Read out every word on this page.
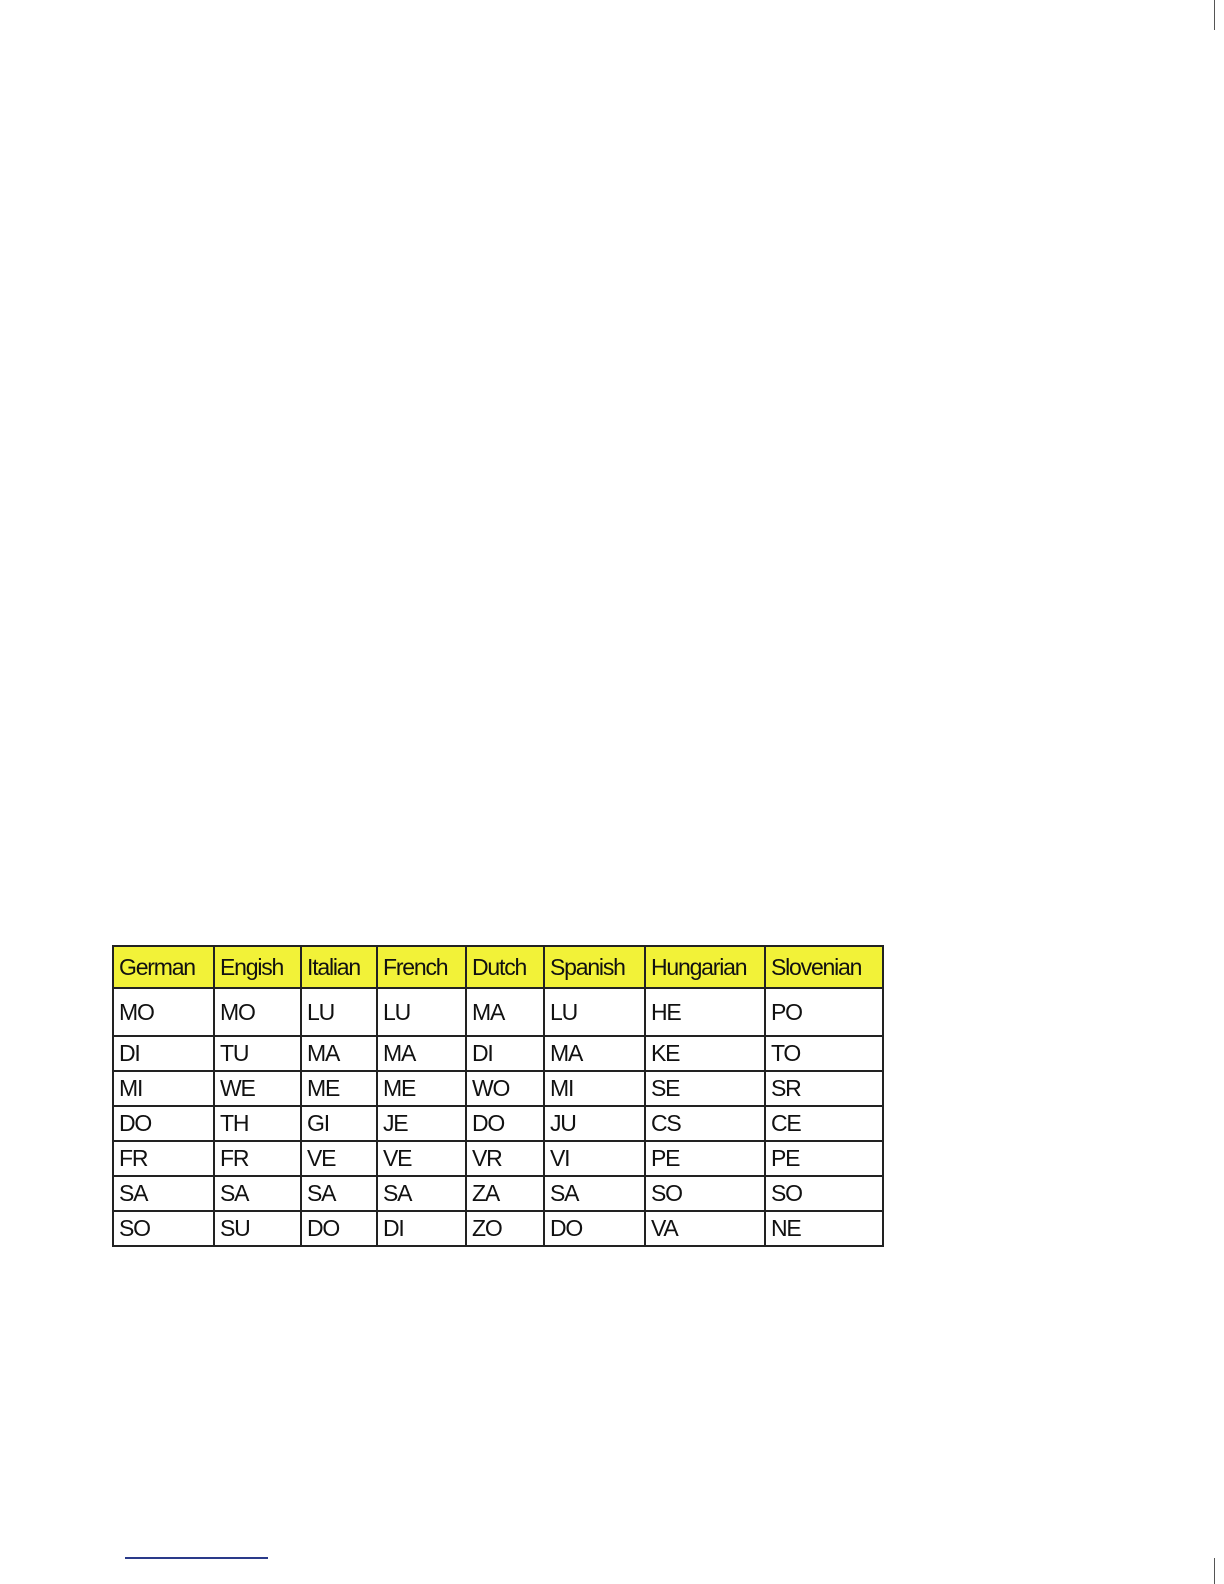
German	Engish	Italian	French	Dutch	Spanish	Hungarian	Slovenian
MO	MO	LU	LU	MA	LU	HE	PO
DI	TU	MA	MA	DI	MA	KE	TO
MI	WE	ME	ME	WO	MI	SE	SR
DO	TH	GI	JE	DO	JU	CS	CE
FR	FR	VE	VE	VR	VI	PE	PE
SA	SA	SA	SA	ZA	SA	SO	SO
SO	SU	DO	DI	ZO	DO	VA	NE
